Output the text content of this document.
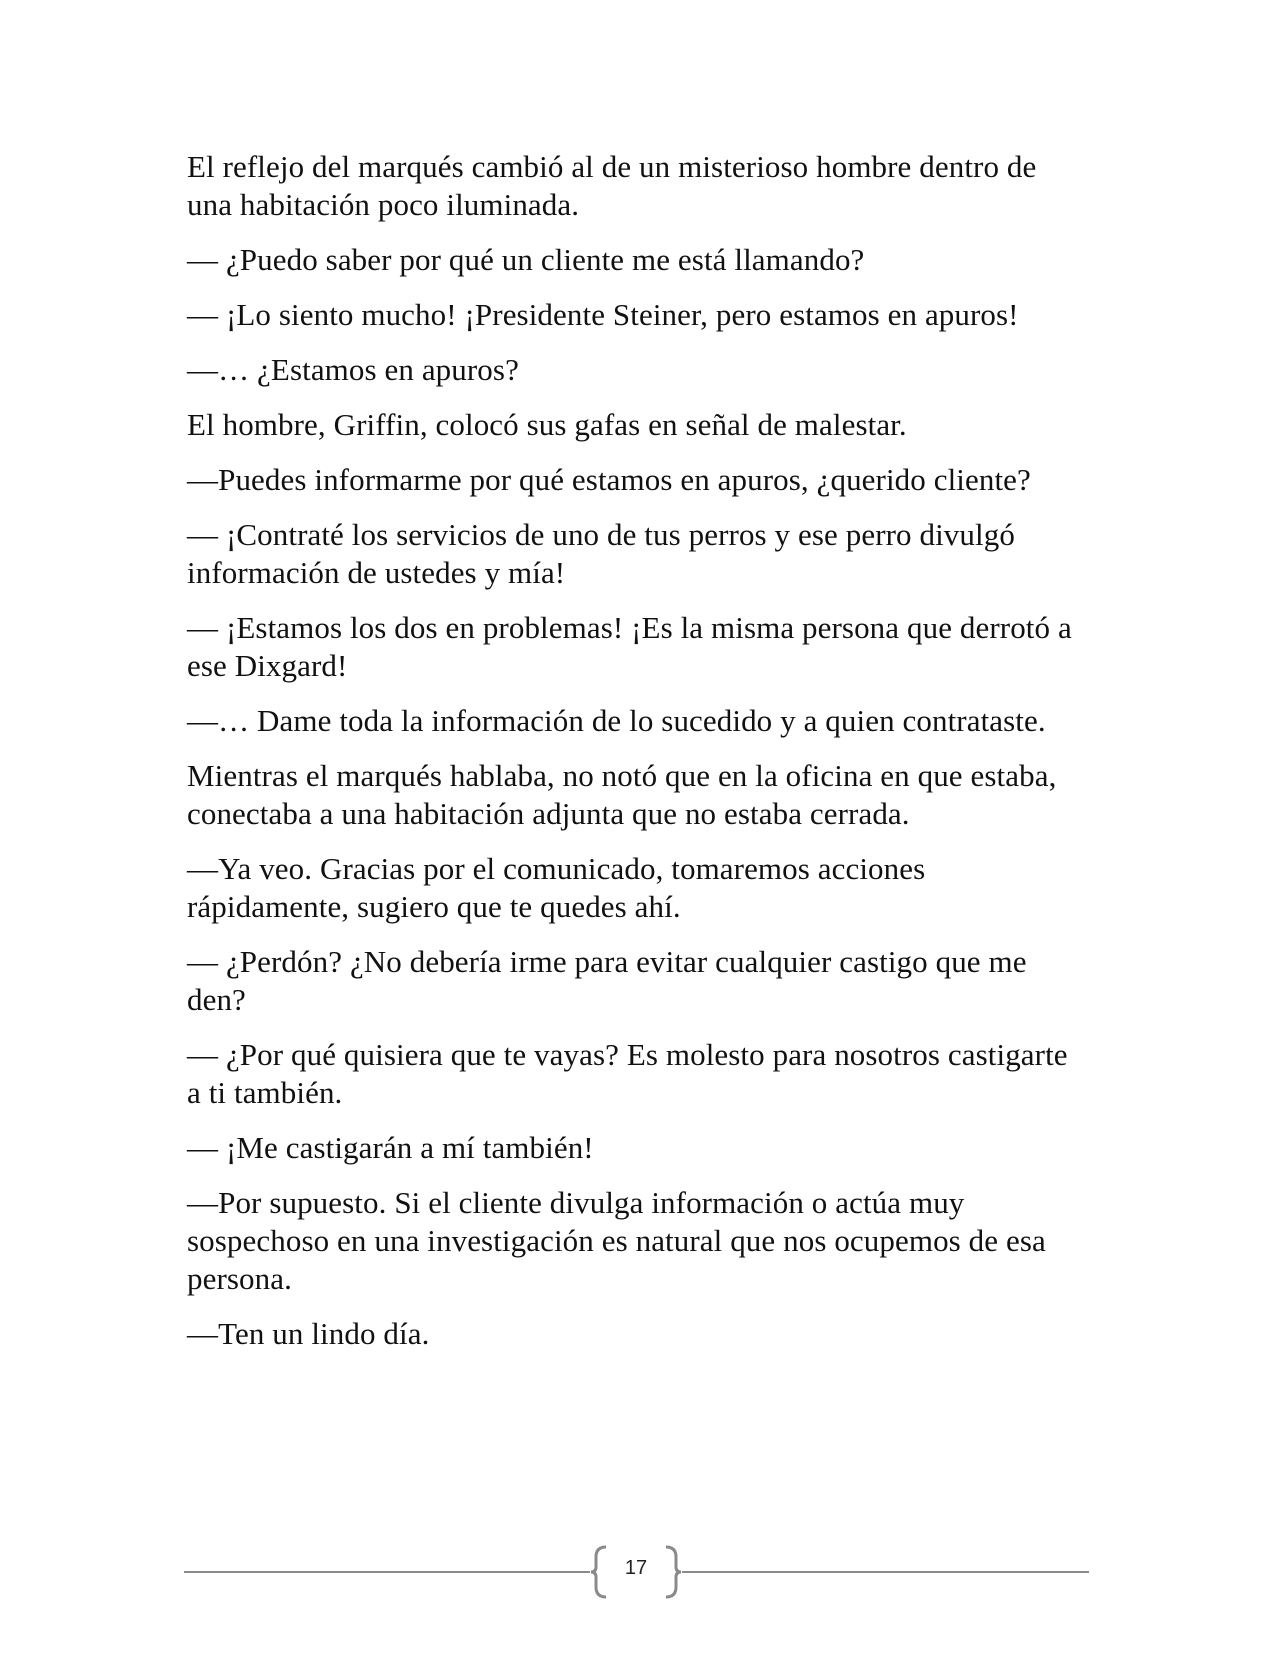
El reflejo del marqués cambió al de un misterioso hombre dentro de una habitación poco iluminada.

— ¿Puedo saber por qué un cliente me está llamando?

— ¡Lo siento mucho! ¡Presidente Steiner, pero estamos en apuros!

—… ¿Estamos en apuros?

El hombre, Griffin, colocó sus gafas en señal de malestar.

—Puedes informarme por qué estamos en apuros, ¿querido cliente?

— ¡Contraté los servicios de uno de tus perros y ese perro divulgó información de ustedes y mía!

— ¡Estamos los dos en problemas! ¡Es la misma persona que derrotó a ese Dixgard!

—… Dame toda la información de lo sucedido y a quien contrataste.

Mientras el marqués hablaba, no notó que en la oficina en que estaba, conectaba a una habitación adjunta que no estaba cerrada.

—Ya veo. Gracias por el comunicado, tomaremos acciones rápidamente, sugiero que te quedes ahí.

— ¿Perdón? ¿No debería irme para evitar cualquier castigo que me den?

— ¿Por qué quisiera que te vayas? Es molesto para nosotros castigarte a ti también.

— ¡Me castigarán a mí también!

—Por supuesto. Si el cliente divulga información o actúa muy sospechoso en una investigación es natural que nos ocupemos de esa persona.

—Ten un lindo día.

17
